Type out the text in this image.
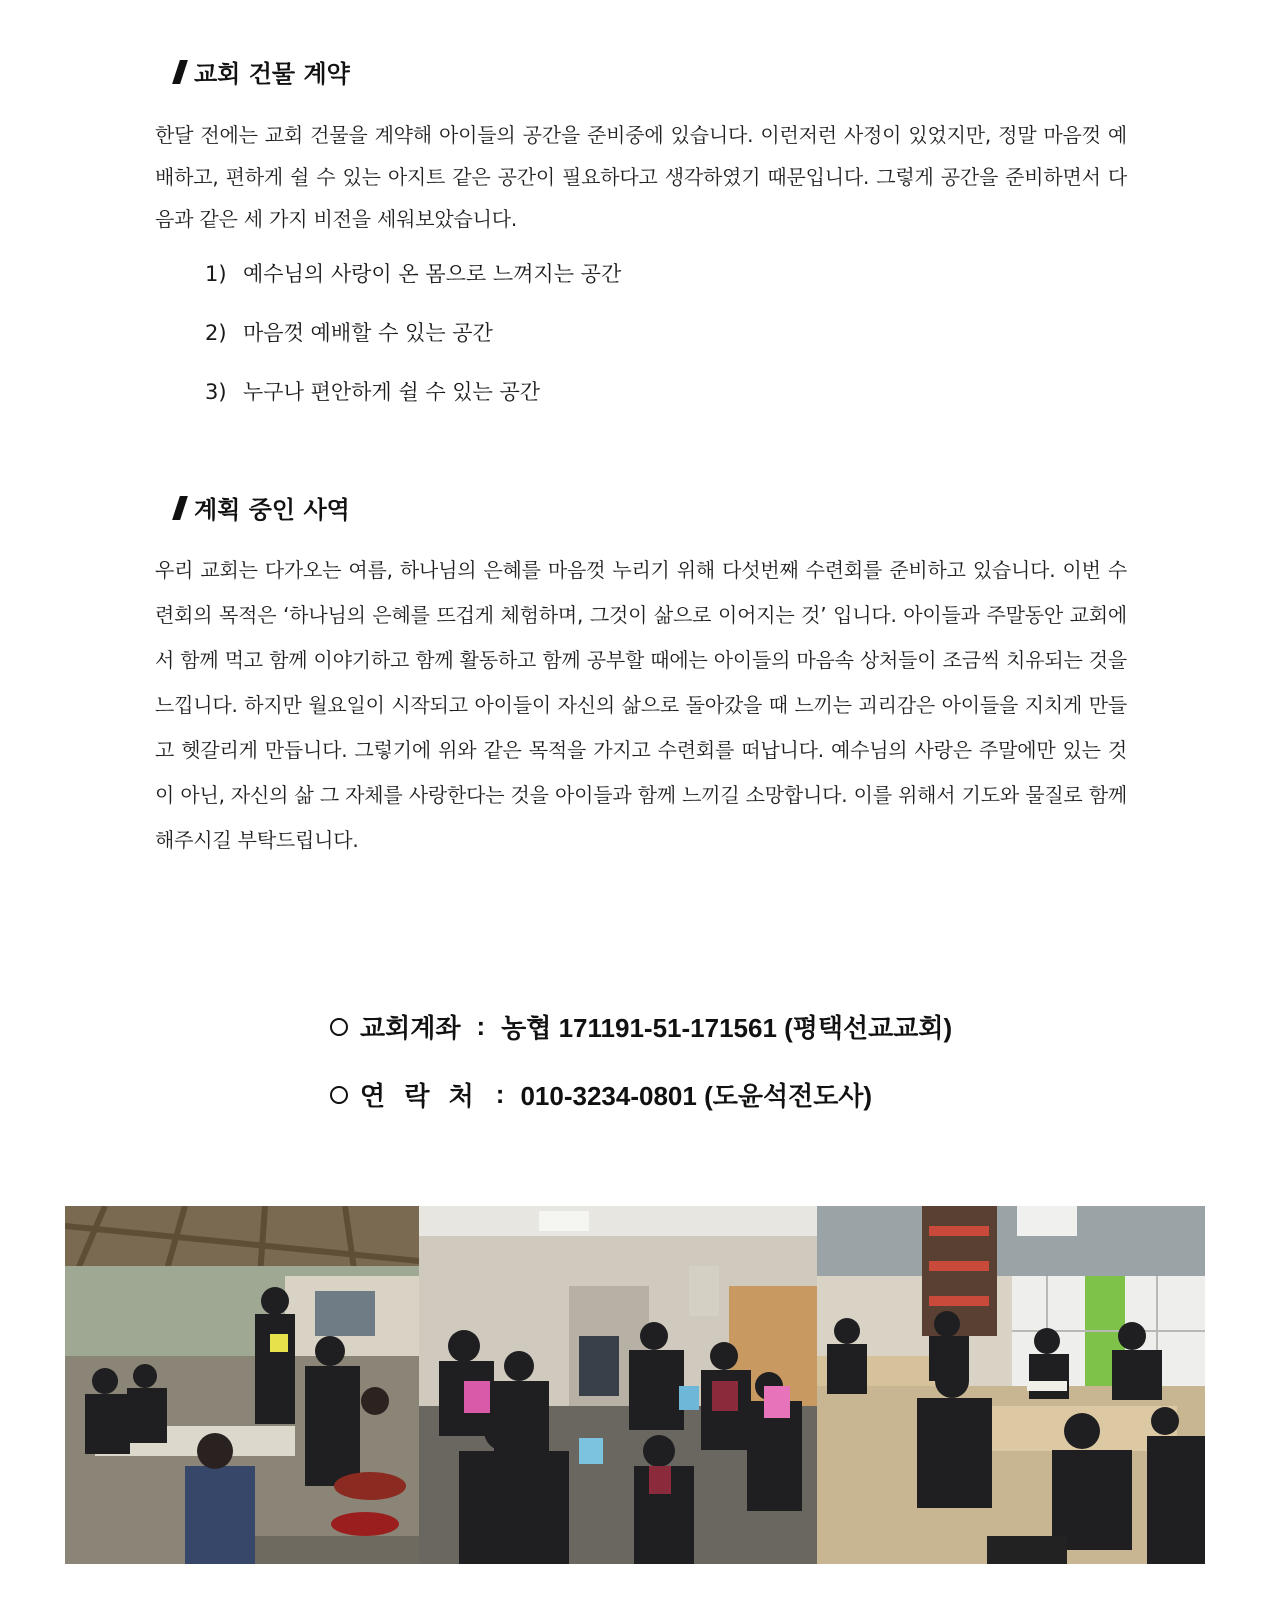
교회 건물 계약
한달 전에는 교회 건물을 계약해 아이들의 공간을 준비중에 있습니다. 이런저런 사정이 있었지만, 정말 마음껏 예배하고, 편하게 쉴 수 있는 아지트 같은 공간이 필요하다고 생각하였기 때문입니다. 그렇게 공간을 준비하면서 다음과 같은 세 가지 비전을 세워보았습니다.
1) 예수님의 사랑이 온 몸으로 느껴지는 공간
2) 마음껏 예배할 수 있는 공간
3) 누구나 편안하게 쉴 수 있는 공간
계획 중인 사역
우리 교회는 다가오는 여름, 하나님의 은혜를 마음껏 누리기 위해 다섯번째 수련회를 준비하고 있습니다. 이번 수련회의 목적은 ‘하나님의 은혜를 뜨겁게 체험하며, 그것이 삶으로 이어지는 것’ 입니다. 아이들과 주말동안 교회에서 함께 먹고 함께 이야기하고 함께 활동하고 함께 공부할 때에는 아이들의 마음속 상처들이 조금씩 치유되는 것을 느낍니다. 하지만 월요일이 시작되고 아이들이 자신의 삶으로 돌아갔을 때 느끼는 괴리감은 아이들을 지치게 만들고 헷갈리게 만듭니다. 그렇기에 위와 같은 목적을 가지고 수련회를 떠납니다. 예수님의 사랑은 주말에만 있는 것이 아닌, 자신의 삶 그 자체를 사랑한다는 것을 아이들과 함께 느끼길 소망합니다. 이를 위해서 기도와 물질로 함께 해주시길 부탁드립니다.
교회계좌 : 농협 171191-51-171561 (평택선교교회)
연 락 처 : 010-3234-0801 (도윤석전도사)
